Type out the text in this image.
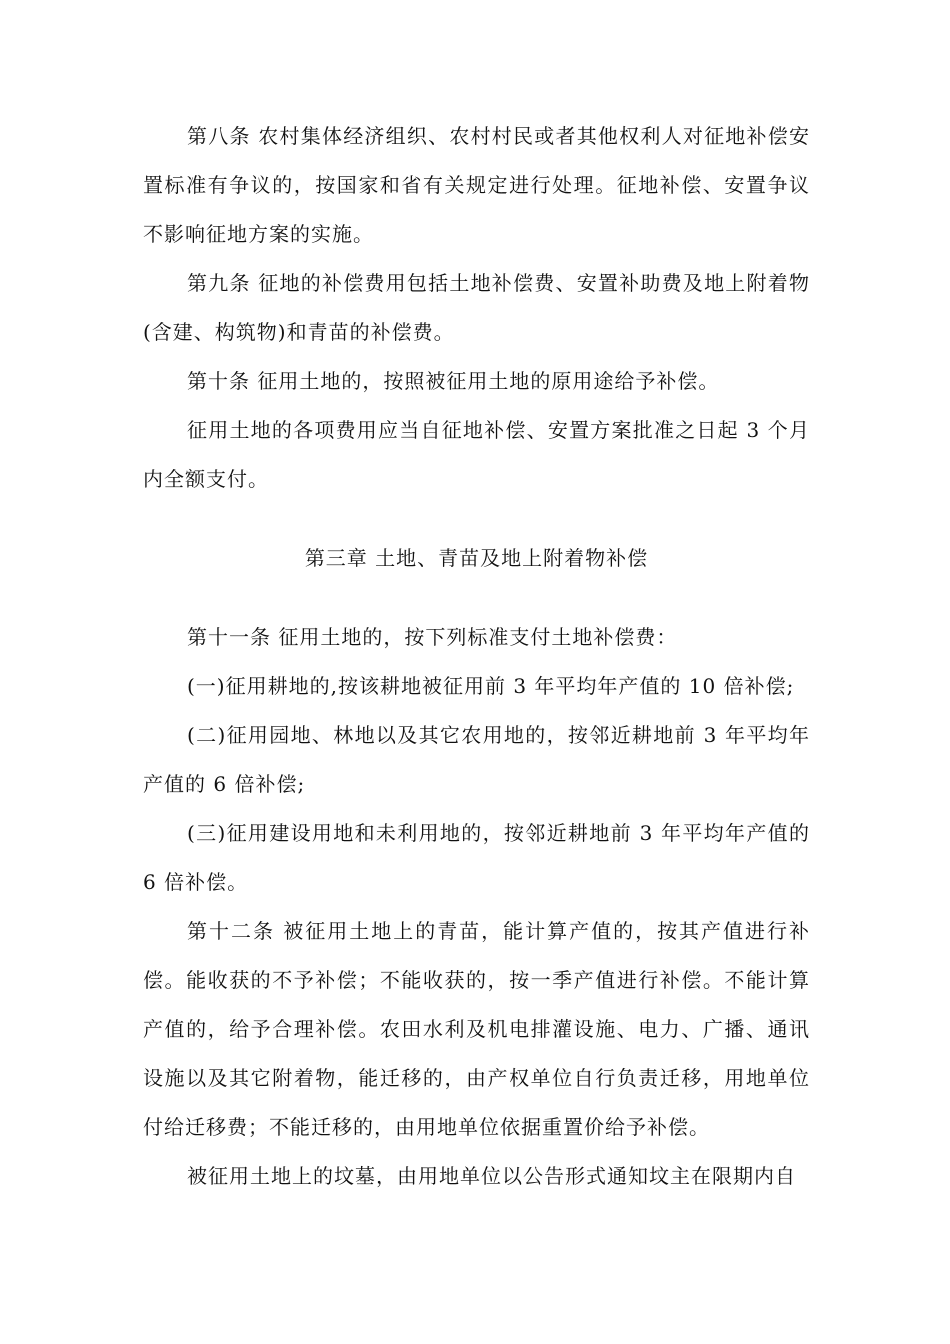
第八条 农村集体经济组织、农村村民或者其他权利人对征地补偿安置标准有争议的，按国家和省有关规定进行处理。征地补偿、安置争议不影响征地方案的实施。

第九条 征地的补偿费用包括土地补偿费、安置补助费及地上附着物(含建、构筑物)和青苗的补偿费。

第十条 征用土地的，按照被征用土地的原用途给予补偿。

征用土地的各项费用应当自征地补偿、安置方案批准之日起 3 个月内全额支付。

第三章 土地、青苗及地上附着物补偿

第十一条 征用土地的，按下列标准支付土地补偿费：

(一)征用耕地的,按该耕地被征用前 3 年平均年产值的 10 倍补偿;

(二)征用园地、林地以及其它农用地的，按邻近耕地前 3 年平均年产值的 6 倍补偿;

(三)征用建设用地和未利用地的，按邻近耕地前 3 年平均年产值的 6 倍补偿。

第十二条 被征用土地上的青苗，能计算产值的，按其产值进行补偿。能收获的不予补偿；不能收获的，按一季产值进行补偿。不能计算产值的，给予合理补偿。农田水利及机电排灌设施、电力、广播、通讯设施以及其它附着物，能迁移的，由产权单位自行负责迁移，用地单位付给迁移费；不能迁移的，由用地单位依据重置价给予补偿。

被征用土地上的坟墓，由用地单位以公告形式通知坟主在限期内自
